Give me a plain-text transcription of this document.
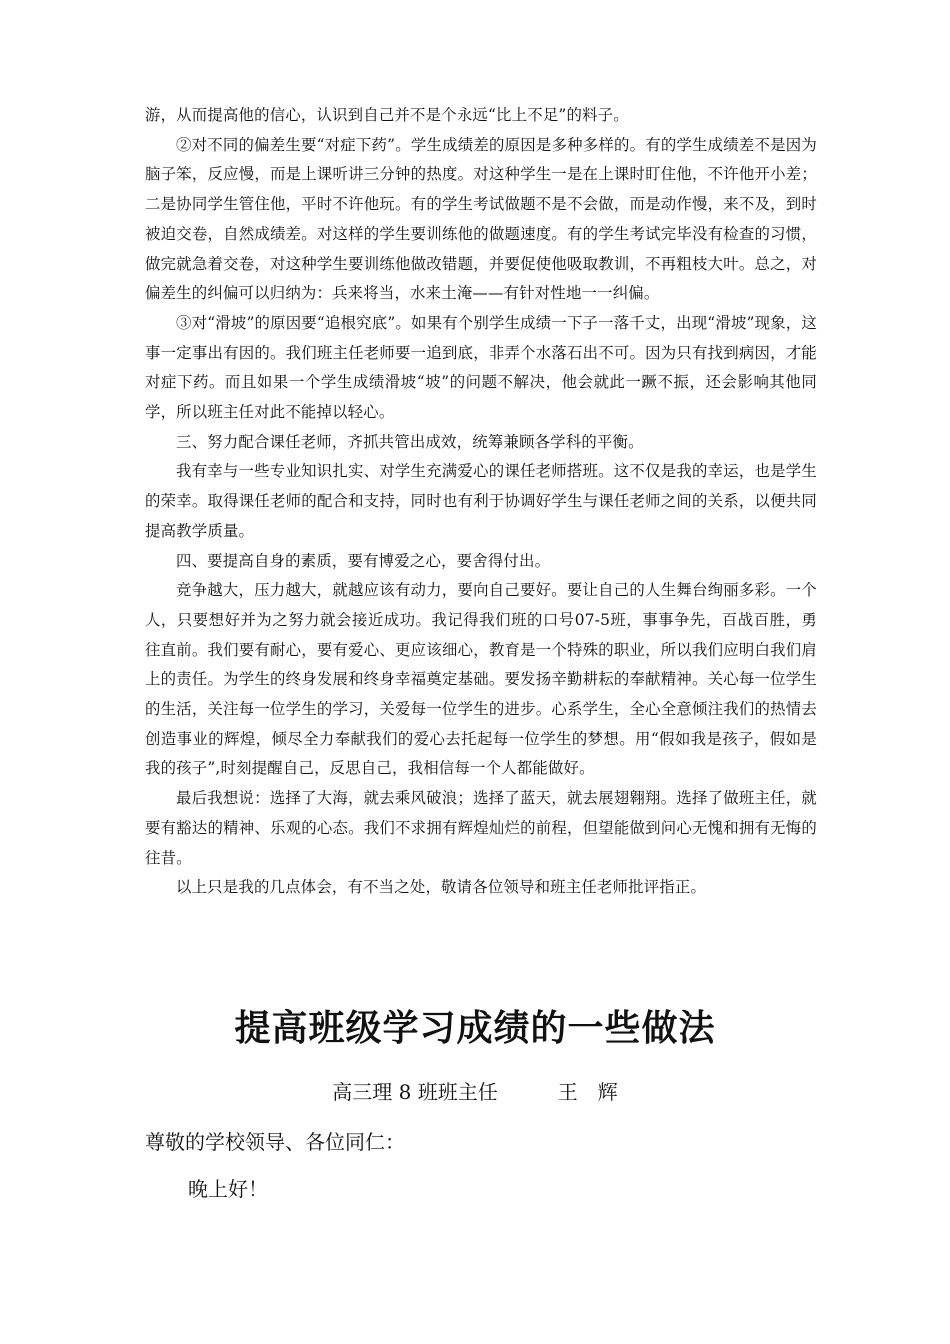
游，从而提高他的信心，认识到自己并不是个永远“比上不足”的料子。

②对不同的偏差生要“对症下药”。学生成绩差的原因是多种多样的。有的学生成绩差不是因为脑子笨，反应慢，而是上课听讲三分钟的热度。对这种学生一是在上课时盯住他，不许他开小差；二是协同学生管住他，平时不许他玩。有的学生考试做题不是不会做，而是动作慢，来不及，到时被迫交卷，自然成绩差。对这样的学生要训练他的做题速度。有的学生考试完毕没有检查的习惯，做完就急着交卷，对这种学生要训练他做改错题，并要促使他吸取教训，不再粗枝大叶。总之，对偏差生的纠偏可以归纳为：兵来将当，水来土淹——有针对性地一一纠偏。

③对“滑坡”的原因要“追根究底”。如果有个别学生成绩一下子一落千丈，出现“滑坡”现象，这事一定事出有因的。我们班主任老师要一追到底，非弄个水落石出不可。因为只有找到病因，才能对症下药。而且如果一个学生成绩滑坡“坡”的问题不解决，他会就此一蹶不振，还会影响其他同学，所以班主任对此不能掉以轻心。

三、努力配合课任老师，齐抓共管出成效，统筹兼顾各学科的平衡。

我有幸与一些专业知识扎实、对学生充满爱心的课任老师搭班。这不仅是我的幸运，也是学生的荣幸。取得课任老师的配合和支持，同时也有利于协调好学生与课任老师之间的关系，以便共同提高教学质量。

四、要提高自身的素质，要有博爱之心，要舍得付出。

竞争越大，压力越大，就越应该有动力，要向自己要好。要让自己的人生舞台绚丽多彩。一个人，只要想好并为之努力就会接近成功。我记得我们班的口号07-5班，事事争先，百战百胜，勇往直前。我们要有耐心，要有爱心、更应该细心，教育是一个特殊的职业，所以我们应明白我们肩上的责任。为学生的终身发展和终身幸福奠定基础。要发扬辛勤耕耘的奉献精神。关心每一位学生的生活，关注每一位学生的学习，关爱每一位学生的进步。心系学生，全心全意倾注我们的热情去创造事业的辉煌，倾尽全力奉献我们的爱心去托起每一位学生的梦想。用“假如我是孩子，假如是我的孩子”,时刻提醒自己，反思自己，我相信每一个人都能做好。

最后我想说：选择了大海，就去乘风破浪；选择了蓝天，就去展翅翱翔。选择了做班主任，就要有豁达的精神、乐观的心态。我们不求拥有辉煌灿烂的前程，但望能做到问心无愧和拥有无悔的往昔。

以上只是我的几点体会，有不当之处，敬请各位领导和班主任老师批评指正。

提高班级学习成绩的一些做法

高三理 8 班班主任　　　王　辉

尊敬的学校领导、各位同仁：

晚上好！
